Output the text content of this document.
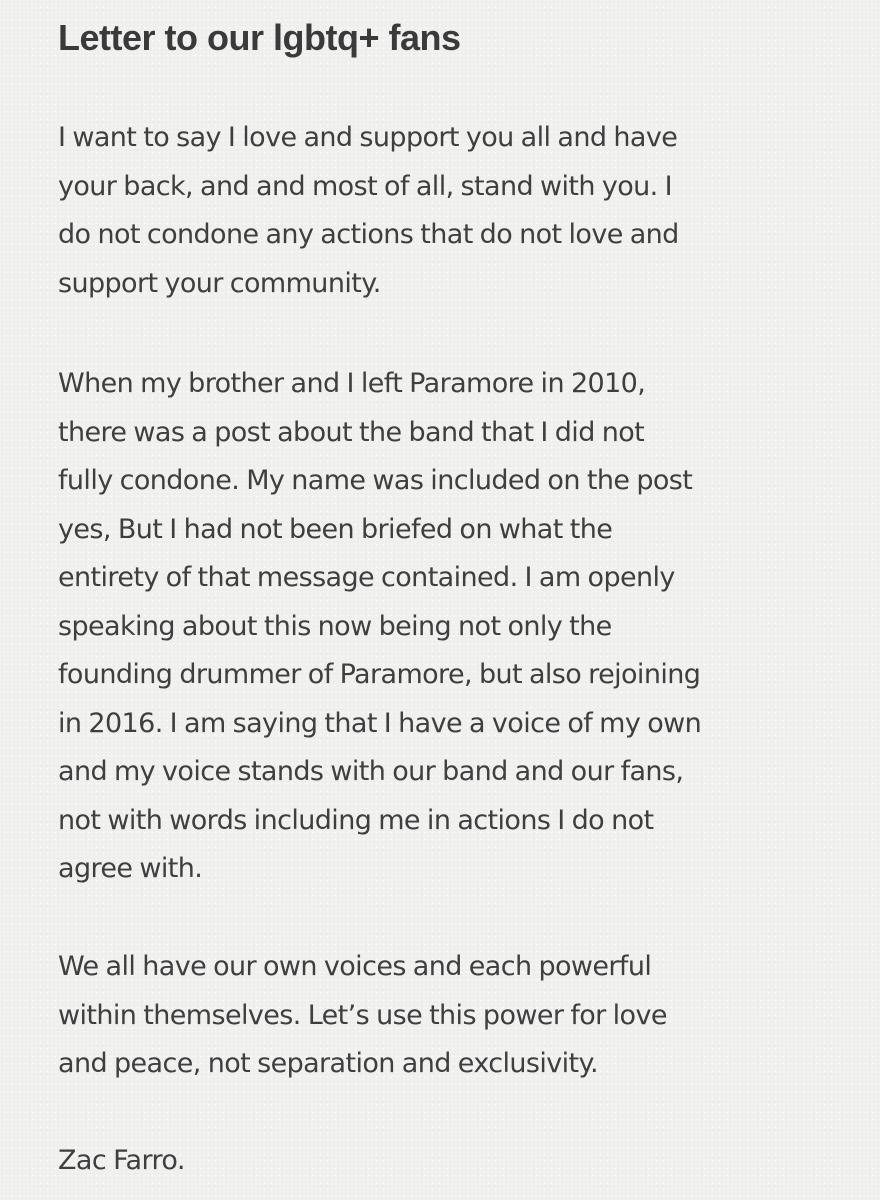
Letter to our lgbtq+ fans
I want to say I love and support you all and have
your back, and and most of all, stand with you. I
do not condone any actions that do not love and
support your community.
When my brother and I left Paramore in 2010,
there was a post about the band that I did not
fully condone. My name was included on the post
yes, But I had not been briefed on what the
entirety of that message contained. I am openly
speaking about this now being not only the
founding drummer of Paramore, but also rejoining
in 2016. I am saying that I have a voice of my own
and my voice stands with our band and our fans,
not with words including me in actions I do not
agree with.
We all have our own voices and each powerful
within themselves. Let’s use this power for love
and peace, not separation and exclusivity.
Zac Farro.
